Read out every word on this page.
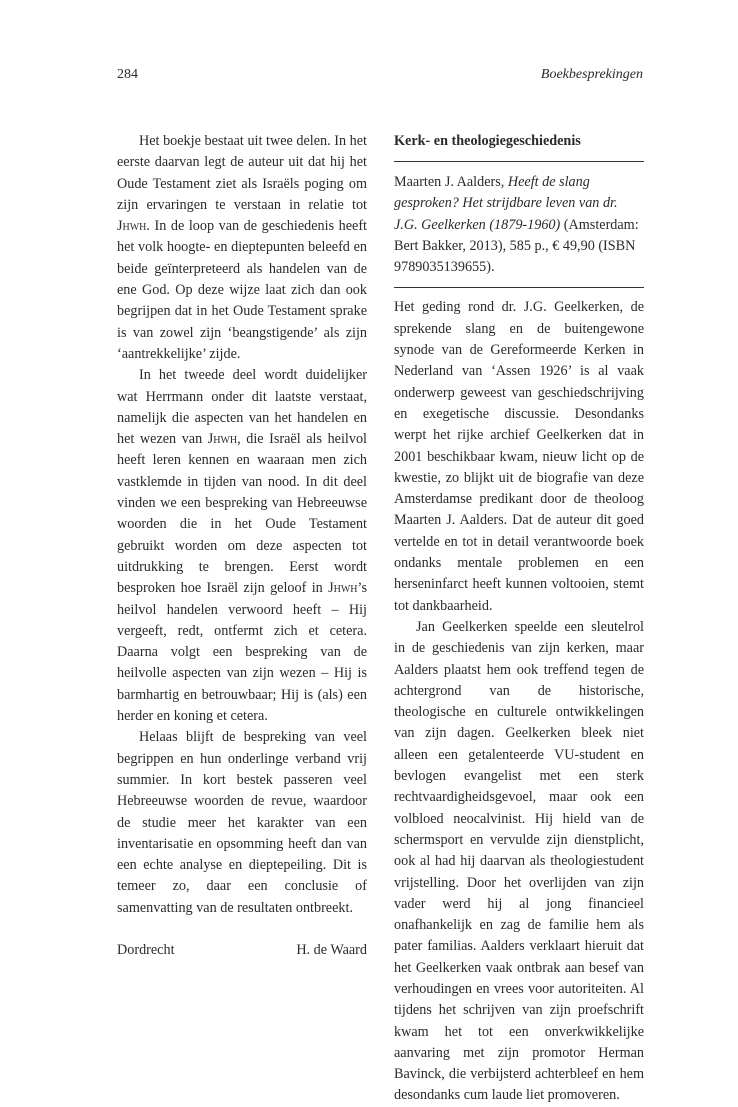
284	Boekbesprekingen

Het boekje bestaat uit twee delen. In het eerste daarvan legt de auteur uit dat hij het Oude Testament ziet als Israëls poging om zijn ervaringen te verstaan in relatie tot Jhwh. In de loop van de geschiedenis heeft het volk hoogte- en dieptepunten beleefd en beide geïnterpreteerd als handelen van de ene God. Op deze wijze laat zich dan ook begrijpen dat in het Oude Testament sprake is van zowel zijn ‘beangstigende’ als zijn ‘aantrekkelijke’ zijde.

In het tweede deel wordt duidelijker wat Herrmann onder dit laatste verstaat, namelijk die aspecten van het handelen en het wezen van Jhwh, die Israël als heilvol heeft leren kennen en waaraan men zich vastklemde in tijden van nood. In dit deel vinden we een bespreking van Hebreeuwse woorden die in het Oude Testament gebruikt worden om deze aspecten tot uitdrukking te brengen. Eerst wordt besproken hoe Israël zijn geloof in Jhwh’s heilvol handelen verwoord heeft – Hij vergeeft, redt, ontfermt zich et cetera. Daarna volgt een bespreking van de heilvolle aspecten van zijn wezen – Hij is barmhartig en betrouwbaar; Hij is (als) een herder en koning et cetera.

Helaas blijft de bespreking van veel begrippen en hun onderlinge verband vrij summier. In kort bestek passeren veel Hebreeuwse woorden de revue, waardoor de studie meer het karakter van een inventarisatie en opsomming heeft dan van een echte analyse en dieptepeiling. Dit is temeer zo, daar een conclusie of samenvatting van de resultaten ontbreekt.

Dordrecht	H. de Waard

Kerk- en theologiegeschiedenis

Maarten J. Aalders, Heeft de slang gesproken? Het strijdbare leven van dr. J.G. Geelkerken (1879-1960) (Amsterdam: Bert Bakker, 2013), 585 p., € 49,90 (ISBN 9789035139655).

Het geding rond dr. J.G. Geelkerken, de sprekende slang en de buitengewone synode van de Gereformeerde Kerken in Nederland van ‘Assen 1926’ is al vaak onderwerp geweest van geschiedschrijving en exegetische discussie. Desondanks werpt het rijke archief Geelkerken dat in 2001 beschikbaar kwam, nieuw licht op de kwestie, zo blijkt uit de biografie van deze Amsterdamse predikant door de theoloog Maarten J. Aalders. Dat de auteur dit goed vertelde en tot in detail verantwoorde boek ondanks mentale problemen en een herseninfarct heeft kunnen voltooien, stemt tot dankbaarheid.

Jan Geelkerken speelde een sleutelrol in de geschiedenis van zijn kerken, maar Aalders plaatst hem ook treffend tegen de achtergrond van de historische, theologische en culturele ontwikkelingen van zijn dagen. Geelkerken bleek niet alleen een getalenteerde VU-student en bevlogen evangelist met een sterk rechtvaardigheidsgevoel, maar ook een volbloed neocalvinist. Hij hield van de schermsport en vervulde zijn dienstplicht, ook al had hij daarvan als theologiestudent vrijstelling. Door het overlijden van zijn vader werd hij al jong financieel onafhankelijk en zag de familie hem als pater familias. Aalders verklaart hieruit dat het Geelkerken vaak ontbrak aan besef van verhoudingen en vrees voor autoriteiten. Al tijdens het schrijven van zijn proefschrift kwam het tot een onverkwikkelijke aanvaring met zijn promotor Herman Bavinck, die verbijsterd achterbleef en hem desondanks cum laude liet promoveren.
